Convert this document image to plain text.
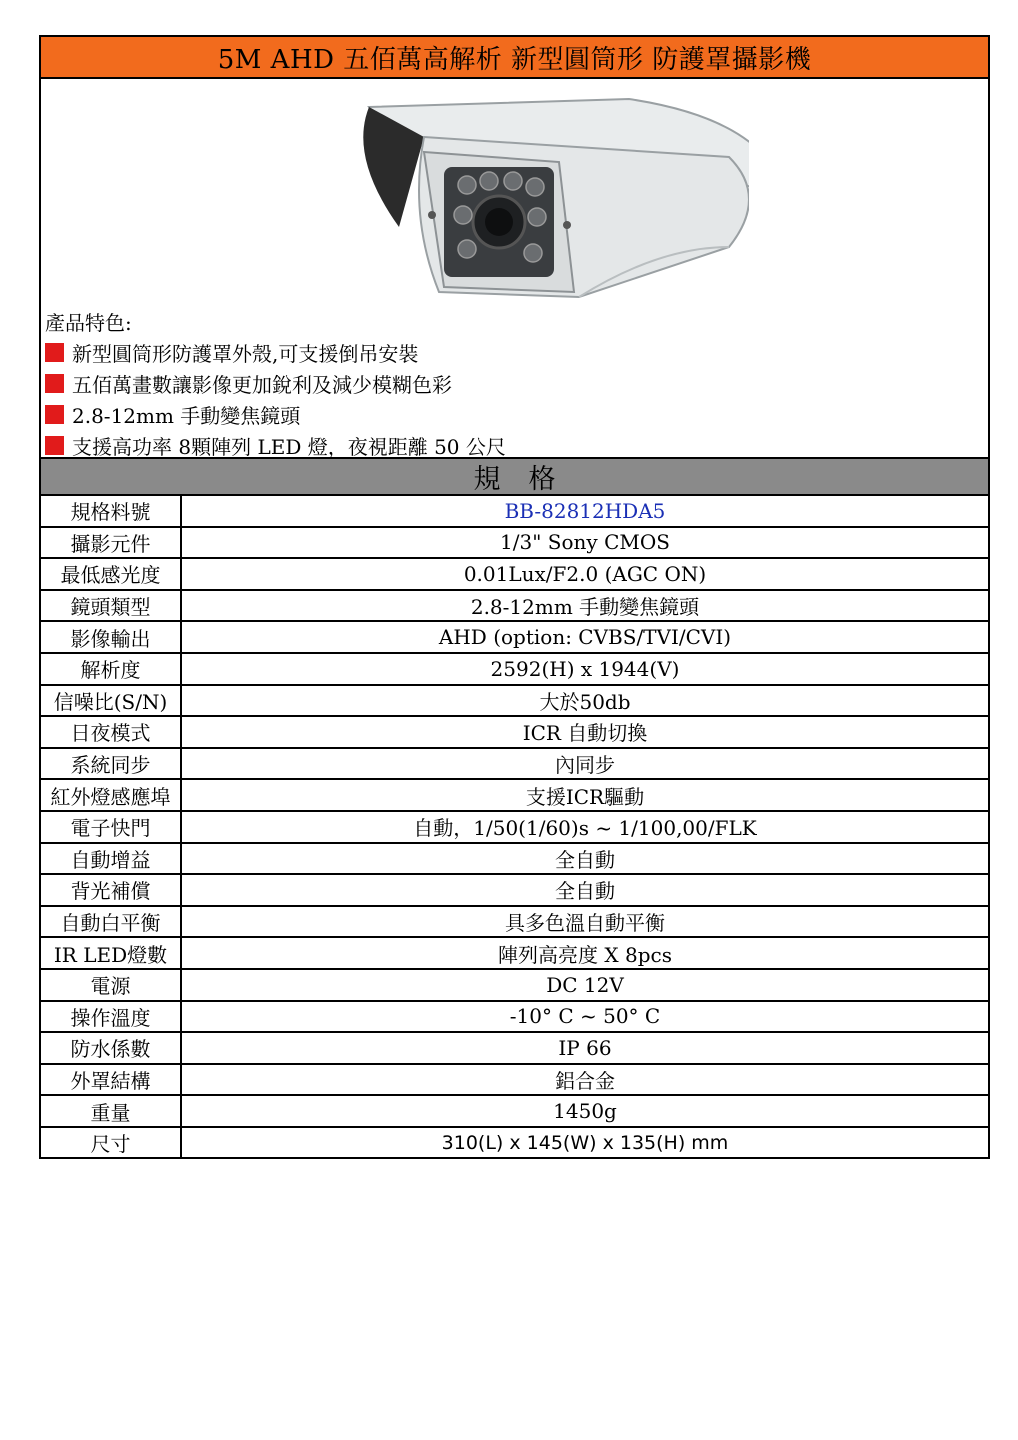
5M AHD 五佰萬高解析 新型圓筒形 防護罩攝影機
產品特色:
新型圓筒形防護罩外殼,可支援倒吊安裝
五佰萬畫數讓影像更加銳利及減少模糊色彩
2.8-12mm 手動變焦鏡頭
支援高功率 8顆陣列 LED 燈，夜視距離 50 公尺
規格
規格料號	BB-82812HDA5
攝影元件	1/3" Sony CMOS
最低感光度	0.01Lux/F2.0 (AGC ON)
鏡頭類型	2.8-12mm 手動變焦鏡頭
影像輸出	AHD (option: CVBS/TVI/CVI)
解析度	2592(H) x 1944(V)
信噪比(S/N)	大於50db
日夜模式	ICR 自動切換
系統同步	內同步
紅外燈感應埠	支援ICR驅動
電子快門	自動，1/50(1/60)s ~ 1/100,00/FLK
自動增益	全自動
背光補償	全自動
自動白平衡	具多色溫自動平衡
IR LED燈數	陣列高亮度 X 8pcs
電源	DC 12V
操作溫度	-10° C ~ 50° C
防水係數	IP 66
外罩結構	鋁合金
重量	1450g
尺寸	310(L) x 145(W) x 135(H) mm
